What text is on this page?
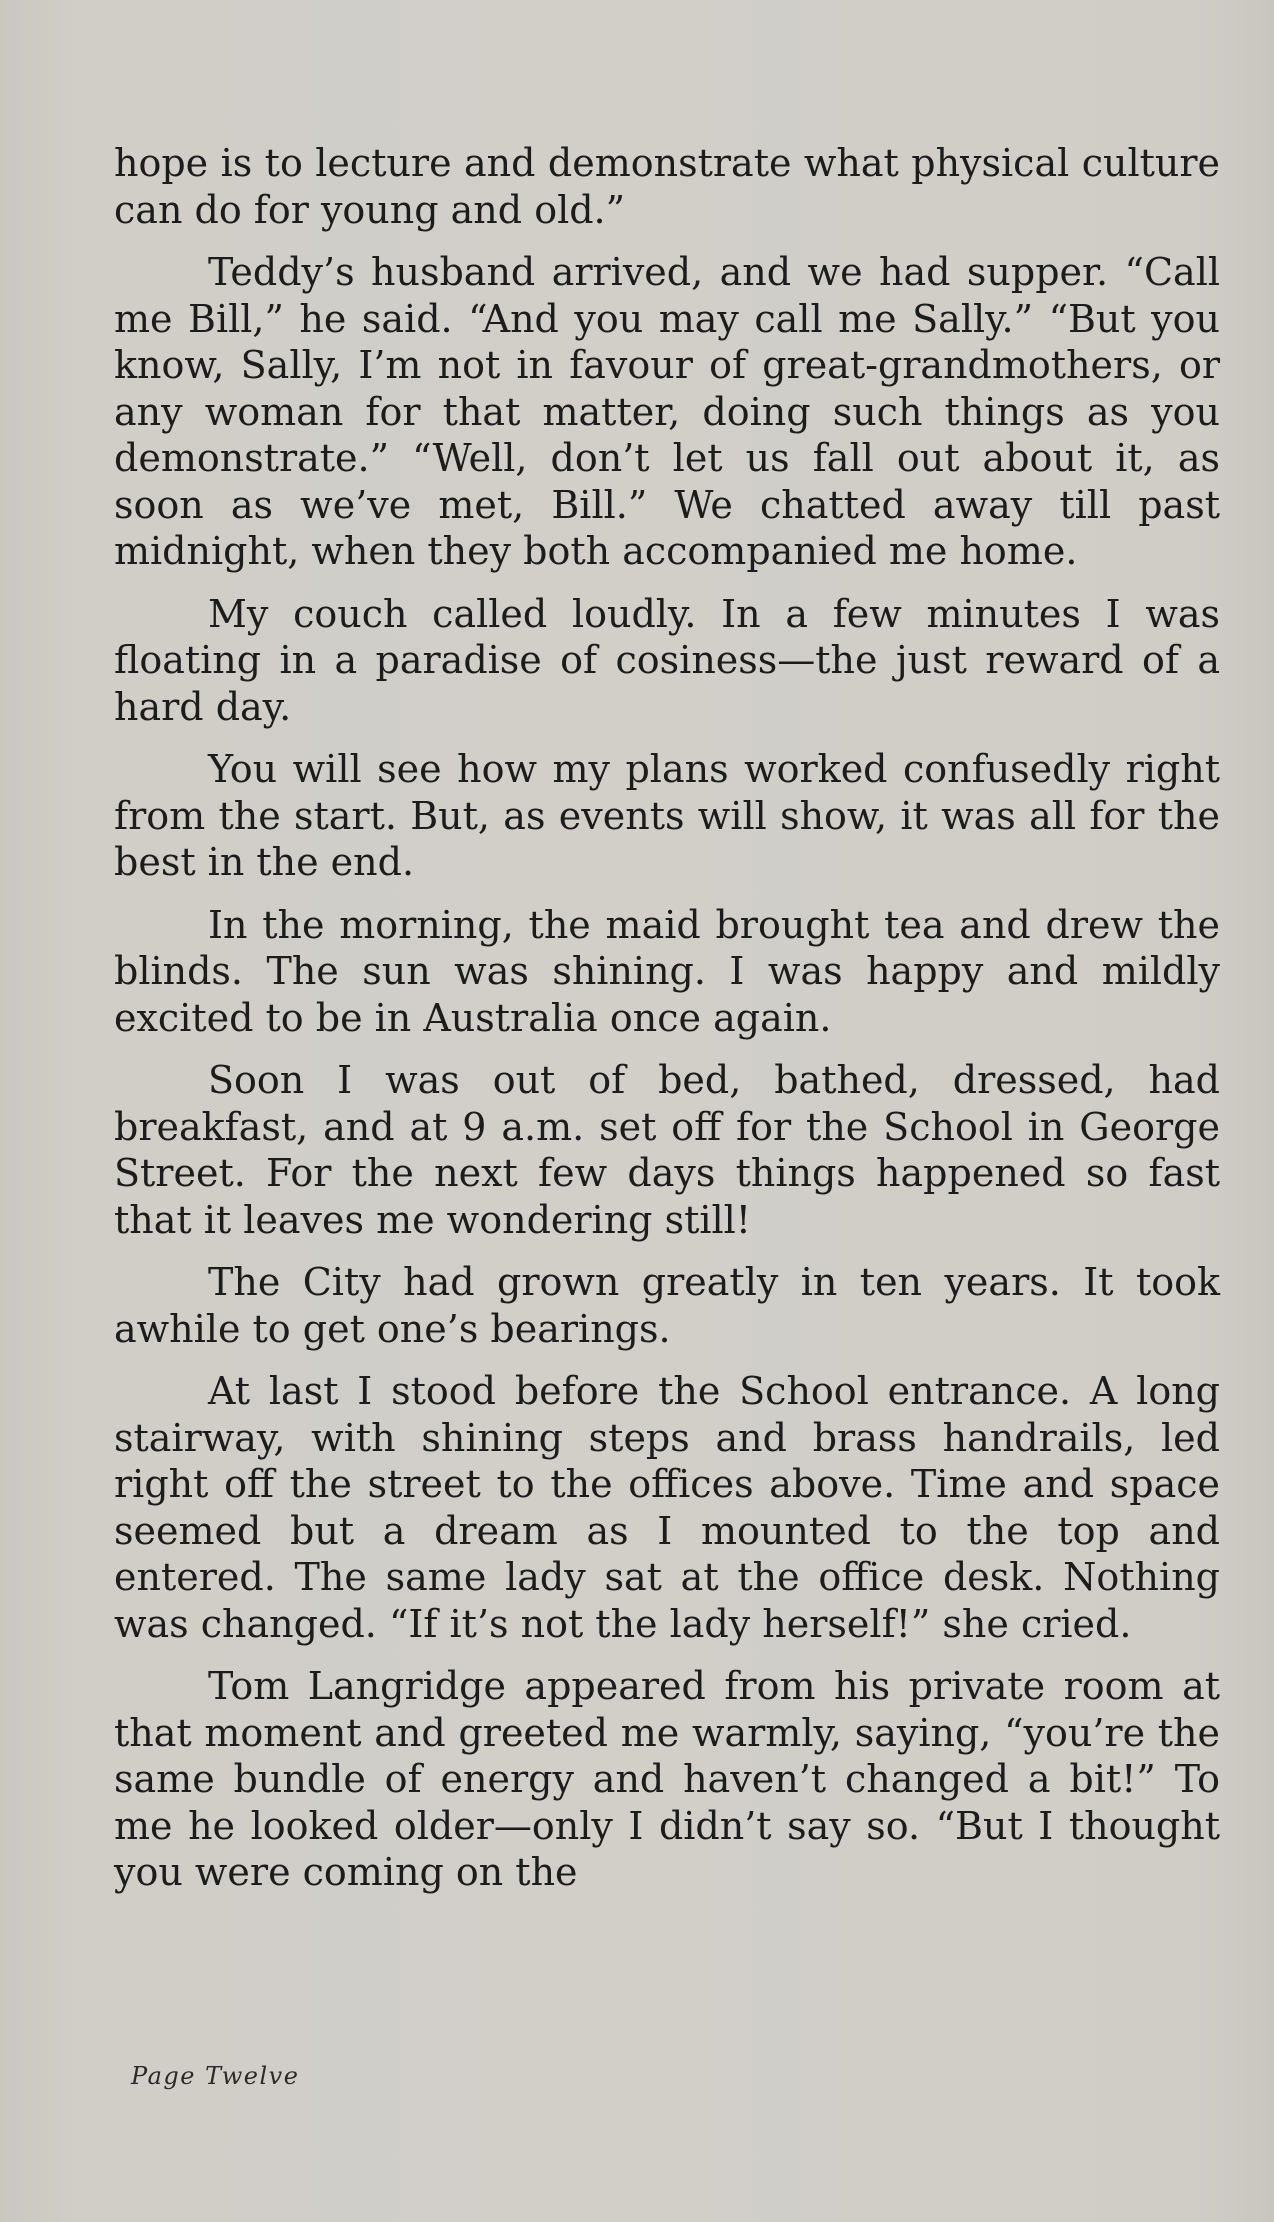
hope is to lecture and demonstrate what physical culture can do for young and old.”

Teddy’s husband arrived, and we had supper. “Call me Bill,” he said. “And you may call me Sally.” “But you know, Sally, I’m not in favour of great-grandmothers, or any woman for that matter, doing such things as you demonstrate.” “Well, don’t let us fall out about it, as soon as we’ve met, Bill.” We chatted away till past midnight, when they both accompanied me home.

My couch called loudly. In a few minutes I was floating in a paradise of cosiness—the just reward of a hard day.

You will see how my plans worked confusedly right from the start. But, as events will show, it was all for the best in the end.

In the morning, the maid brought tea and drew the blinds. The sun was shining. I was happy and mildly excited to be in Australia once again.

Soon I was out of bed, bathed, dressed, had breakfast, and at 9 a.m. set off for the School in George Street. For the next few days things happened so fast that it leaves me wondering still!

The City had grown greatly in ten years. It took awhile to get one’s bearings.

At last I stood before the School entrance. A long stairway, with shining steps and brass handrails, led right off the street to the offices above. Time and space seemed but a dream as I mounted to the top and entered. The same lady sat at the office desk. Nothing was changed. “If it’s not the lady herself!” she cried.

Tom Langridge appeared from his private room at that moment and greeted me warmly, saying, “you’re the same bundle of energy and haven’t changed a bit!” To me he looked older—only I didn’t say so. “But I thought you were coming on the

Page Twelve
